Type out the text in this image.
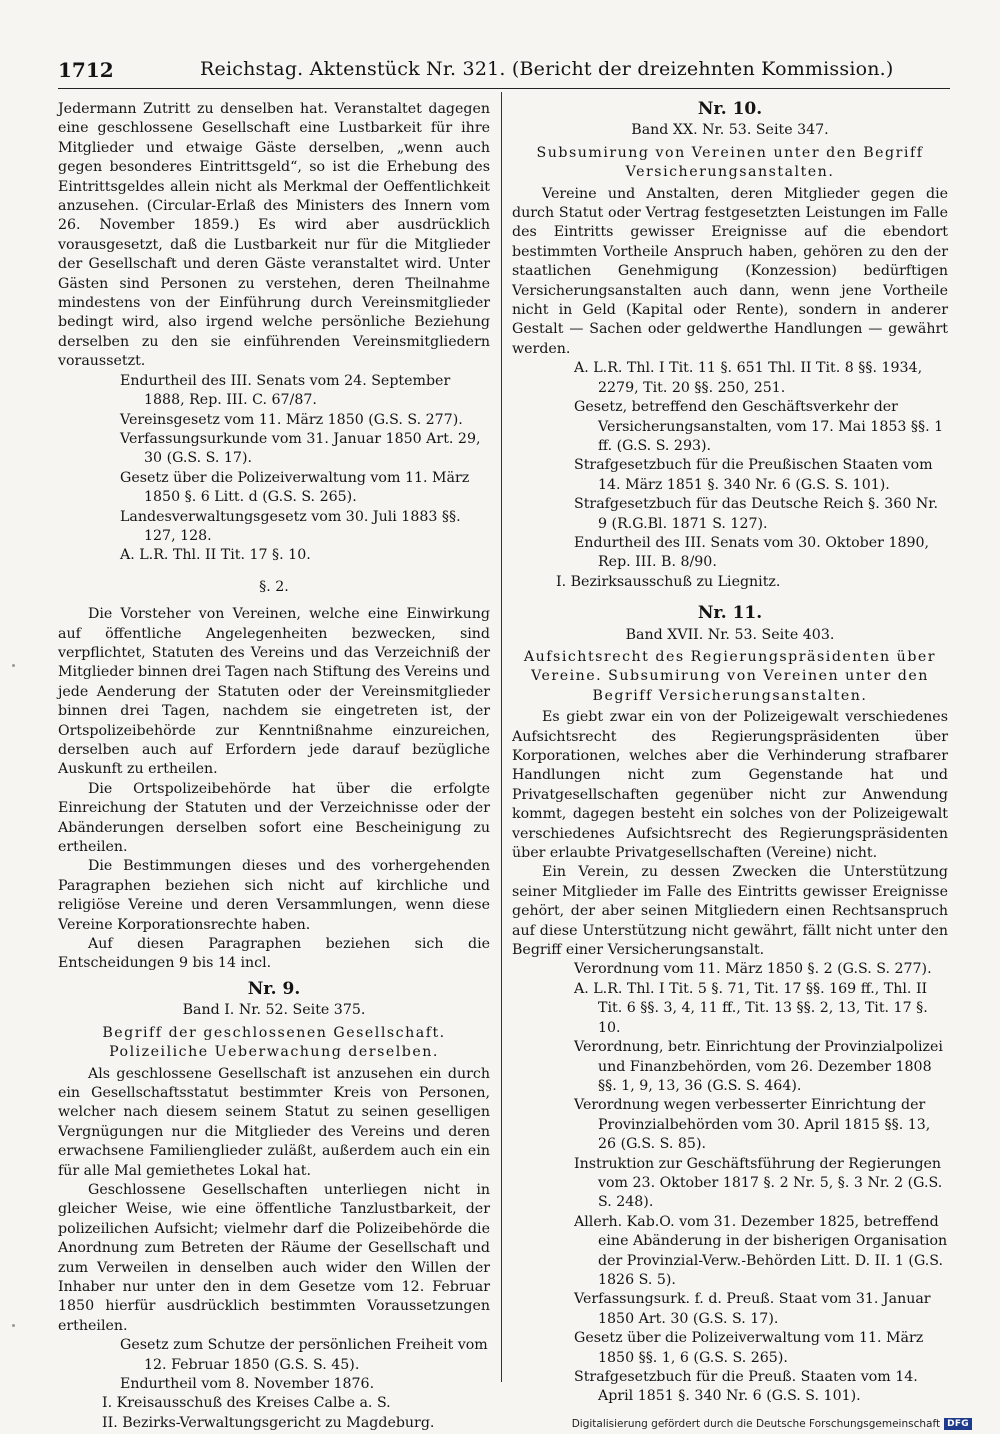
1712	Reichstag. Aktenstück Nr. 321. (Bericht der dreizehnten Kommission.)

Jedermann Zutritt zu denselben hat. Veranstaltet dagegen eine geschlossene Gesellschaft eine Lustbarkeit für ihre Mitglieder und etwaige Gäste derselben, „wenn auch gegen besonderes Eintrittsgeld“, so ist die Erhebung des Eintrittsgeldes allein nicht als Merkmal der Oeffentlichkeit anzusehen. (Circular-Erlaß des Ministers des Innern vom 26. November 1859.) Es wird aber ausdrücklich vorausgesetzt, daß die Lustbarkeit nur für die Mitglieder der Gesellschaft und deren Gäste veranstaltet wird. Unter Gästen sind Personen zu verstehen, deren Theilnahme mindestens von der Einführung durch Vereinsmitglieder bedingt wird, also irgend welche persönliche Beziehung derselben zu den sie einführenden Vereinsmitgliedern voraussetzt.

Endurtheil des III. Senats vom 24. September 1888, Rep. III. C. 67/87.

Vereinsgesetz vom 11. März 1850 (G.S. S. 277).

Verfassungsurkunde vom 31. Januar 1850 Art. 29, 30 (G.S. S. 17).

Gesetz über die Polizeiverwaltung vom 11. März 1850 §. 6 Litt. d (G.S. S. 265).

Landesverwaltungsgesetz vom 30. Juli 1883 §§. 127, 128.

A. L.R. Thl. II Tit. 17 §. 10.

§. 2.

Die Vorsteher von Vereinen, welche eine Einwirkung auf öffentliche Angelegenheiten bezwecken, sind verpflichtet, Statuten des Vereins und das Verzeichniß der Mitglieder binnen drei Tagen nach Stiftung des Vereins und jede Aenderung der Statuten oder der Vereinsmitglieder binnen drei Tagen, nachdem sie eingetreten ist, der Ortspolizeibehörde zur Kenntnißnahme einzureichen, derselben auch auf Erfordern jede darauf bezügliche Auskunft zu ertheilen.

Die Ortspolizeibehörde hat über die erfolgte Einreichung der Statuten und der Verzeichnisse oder der Abänderungen derselben sofort eine Bescheinigung zu ertheilen.

Die Bestimmungen dieses und des vorhergehenden Paragraphen beziehen sich nicht auf kirchliche und religiöse Vereine und deren Versammlungen, wenn diese Vereine Korporationsrechte haben.

Auf diesen Paragraphen beziehen sich die Entscheidungen 9 bis 14 incl.

Nr. 9.

Band I. Nr. 52. Seite 375.

Begriff der geschlossenen Gesellschaft. Polizeiliche Ueberwachung derselben.

Als geschlossene Gesellschaft ist anzusehen ein durch ein Gesellschaftsstatut bestimmter Kreis von Personen, welcher nach diesem seinem Statut zu seinen geselligen Vergnügungen nur die Mitglieder des Vereins und deren erwachsene Familienglieder zuläßt, außerdem auch ein ein für alle Mal gemiethetes Lokal hat.

Geschlossene Gesellschaften unterliegen nicht in gleicher Weise, wie eine öffentliche Tanzlustbarkeit, der polizeilichen Aufsicht; vielmehr darf die Polizeibehörde die Anordnung zum Betreten der Räume der Gesellschaft und zum Verweilen in denselben auch wider den Willen der Inhaber nur unter den in dem Gesetze vom 12. Februar 1850 hierfür ausdrücklich bestimmten Voraussetzungen ertheilen.

Gesetz zum Schutze der persönlichen Freiheit vom 12. Februar 1850 (G.S. S. 45).

Endurtheil vom 8. November 1876.

I. Kreisausschuß des Kreises Calbe a. S.

II. Bezirks-Verwaltungsgericht zu Magdeburg.

Nr. 10.

Band XX. Nr. 53. Seite 347.

Subsumirung von Vereinen unter den Begriff Versicherungsanstalten.

Vereine und Anstalten, deren Mitglieder gegen die durch Statut oder Vertrag festgesetzten Leistungen im Falle des Eintritts gewisser Ereignisse auf die ebendort bestimmten Vortheile Anspruch haben, gehören zu den der staatlichen Genehmigung (Konzession) bedürftigen Versicherungsanstalten auch dann, wenn jene Vortheile nicht in Geld (Kapital oder Rente), sondern in anderer Gestalt — Sachen oder geldwerthe Handlungen — gewährt werden.

A. L.R. Thl. I Tit. 11 §. 651 Thl. II Tit. 8 §§. 1934, 2279, Tit. 20 §§. 250, 251.

Gesetz, betreffend den Geschäftsverkehr der Versicherungsanstalten, vom 17. Mai 1853 §§. 1 ff. (G.S. S. 293).

Strafgesetzbuch für die Preußischen Staaten vom 14. März 1851 §. 340 Nr. 6 (G.S. S. 101).

Strafgesetzbuch für das Deutsche Reich §. 360 Nr. 9 (R.G.Bl. 1871 S. 127).

Endurtheil des III. Senats vom 30. Oktober 1890, Rep. III. B. 8/90.

I. Bezirksausschuß zu Liegnitz.

Nr. 11.

Band XVII. Nr. 53. Seite 403.

Aufsichtsrecht des Regierungspräsidenten über Vereine. Subsumirung von Vereinen unter den Begriff Versicherungsanstalten.

Es giebt zwar ein von der Polizeigewalt verschiedenes Aufsichtsrecht des Regierungspräsidenten über Korporationen, welches aber die Verhinderung strafbarer Handlungen nicht zum Gegenstande hat und Privatgesellschaften gegenüber nicht zur Anwendung kommt, dagegen besteht ein solches von der Polizeigewalt verschiedenes Aufsichtsrecht des Regierungspräsidenten über erlaubte Privatgesellschaften (Vereine) nicht.

Ein Verein, zu dessen Zwecken die Unterstützung seiner Mitglieder im Falle des Eintritts gewisser Ereignisse gehört, der aber seinen Mitgliedern einen Rechtsanspruch auf diese Unterstützung nicht gewährt, fällt nicht unter den Begriff einer Versicherungsanstalt.

Verordnung vom 11. März 1850 §. 2 (G.S. S. 277).

A. L.R. Thl. I Tit. 5 §. 71, Tit. 17 §§. 169 ff., Thl. II Tit. 6 §§. 3, 4, 11 ff., Tit. 13 §§. 2, 13, Tit. 17 §. 10.

Verordnung, betr. Einrichtung der Provinzialpolizei und Finanzbehörden, vom 26. Dezember 1808 §§. 1, 9, 13, 36 (G.S. S. 464).

Verordnung wegen verbesserter Einrichtung der Provinzialbehörden vom 30. April 1815 §§. 13, 26 (G.S. S. 85).

Instruktion zur Geschäftsführung der Regierungen vom 23. Oktober 1817 §. 2 Nr. 5, §. 3 Nr. 2 (G.S. S. 248).

Allerh. Kab.O. vom 31. Dezember 1825, betreffend eine Abänderung in der bisherigen Organisation der Provinzial-Verw.-Behörden Litt. D. II. 1 (G.S. 1826 S. 5).

Verfassungsurk. f. d. Preuß. Staat vom 31. Januar 1850 Art. 30 (G.S. S. 17).

Gesetz über die Polizeiverwaltung vom 11. März 1850 §§. 1, 6 (G.S. S. 265).

Strafgesetzbuch für die Preuß. Staaten vom 14. April 1851 §. 340 Nr. 6 (G.S. S. 101).

Digitalisierung gefördert durch die Deutsche Forschungsgemeinschaft DFG
